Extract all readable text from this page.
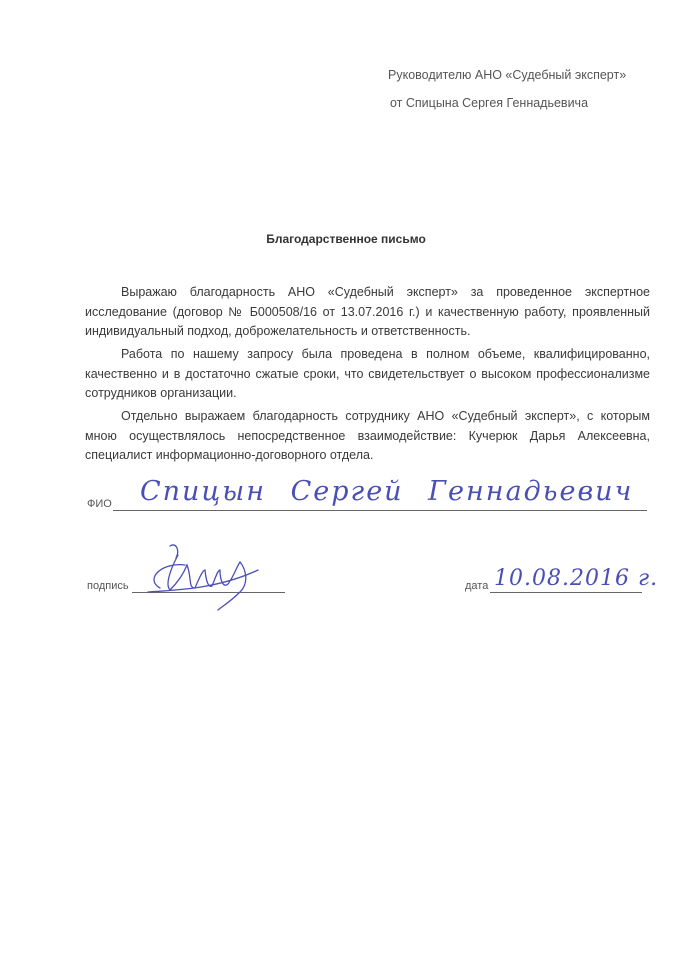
Руководителю АНО «Судебный эксперт»
от Спицына Сергея Геннадьевича
Благодарственное письмо
Выражаю благодарность АНО «Судебный эксперт» за проведенное экспертное исследование (договор № Б000508/16 от 13.07.2016 г.) и качественную работу, проявленный индивидуальный подход, доброжелательность и ответственность.
Работа по нашему запросу была проведена в полном объеме, квалифицированно, качественно и в достаточно сжатые сроки, что свидетельствует о высоком профессионализме сотрудников организации.
Отдельно выражаем благодарность сотруднику АНО «Судебный эксперт», с которым мною осуществлялось непосредственное взаимодействие: Кучерюк Дарья Алексеевна, специалист информационно-договорного отдела.
ФИО Спицын Сергей Геннадьевич
подпись	дата 10.08.2016 г.
